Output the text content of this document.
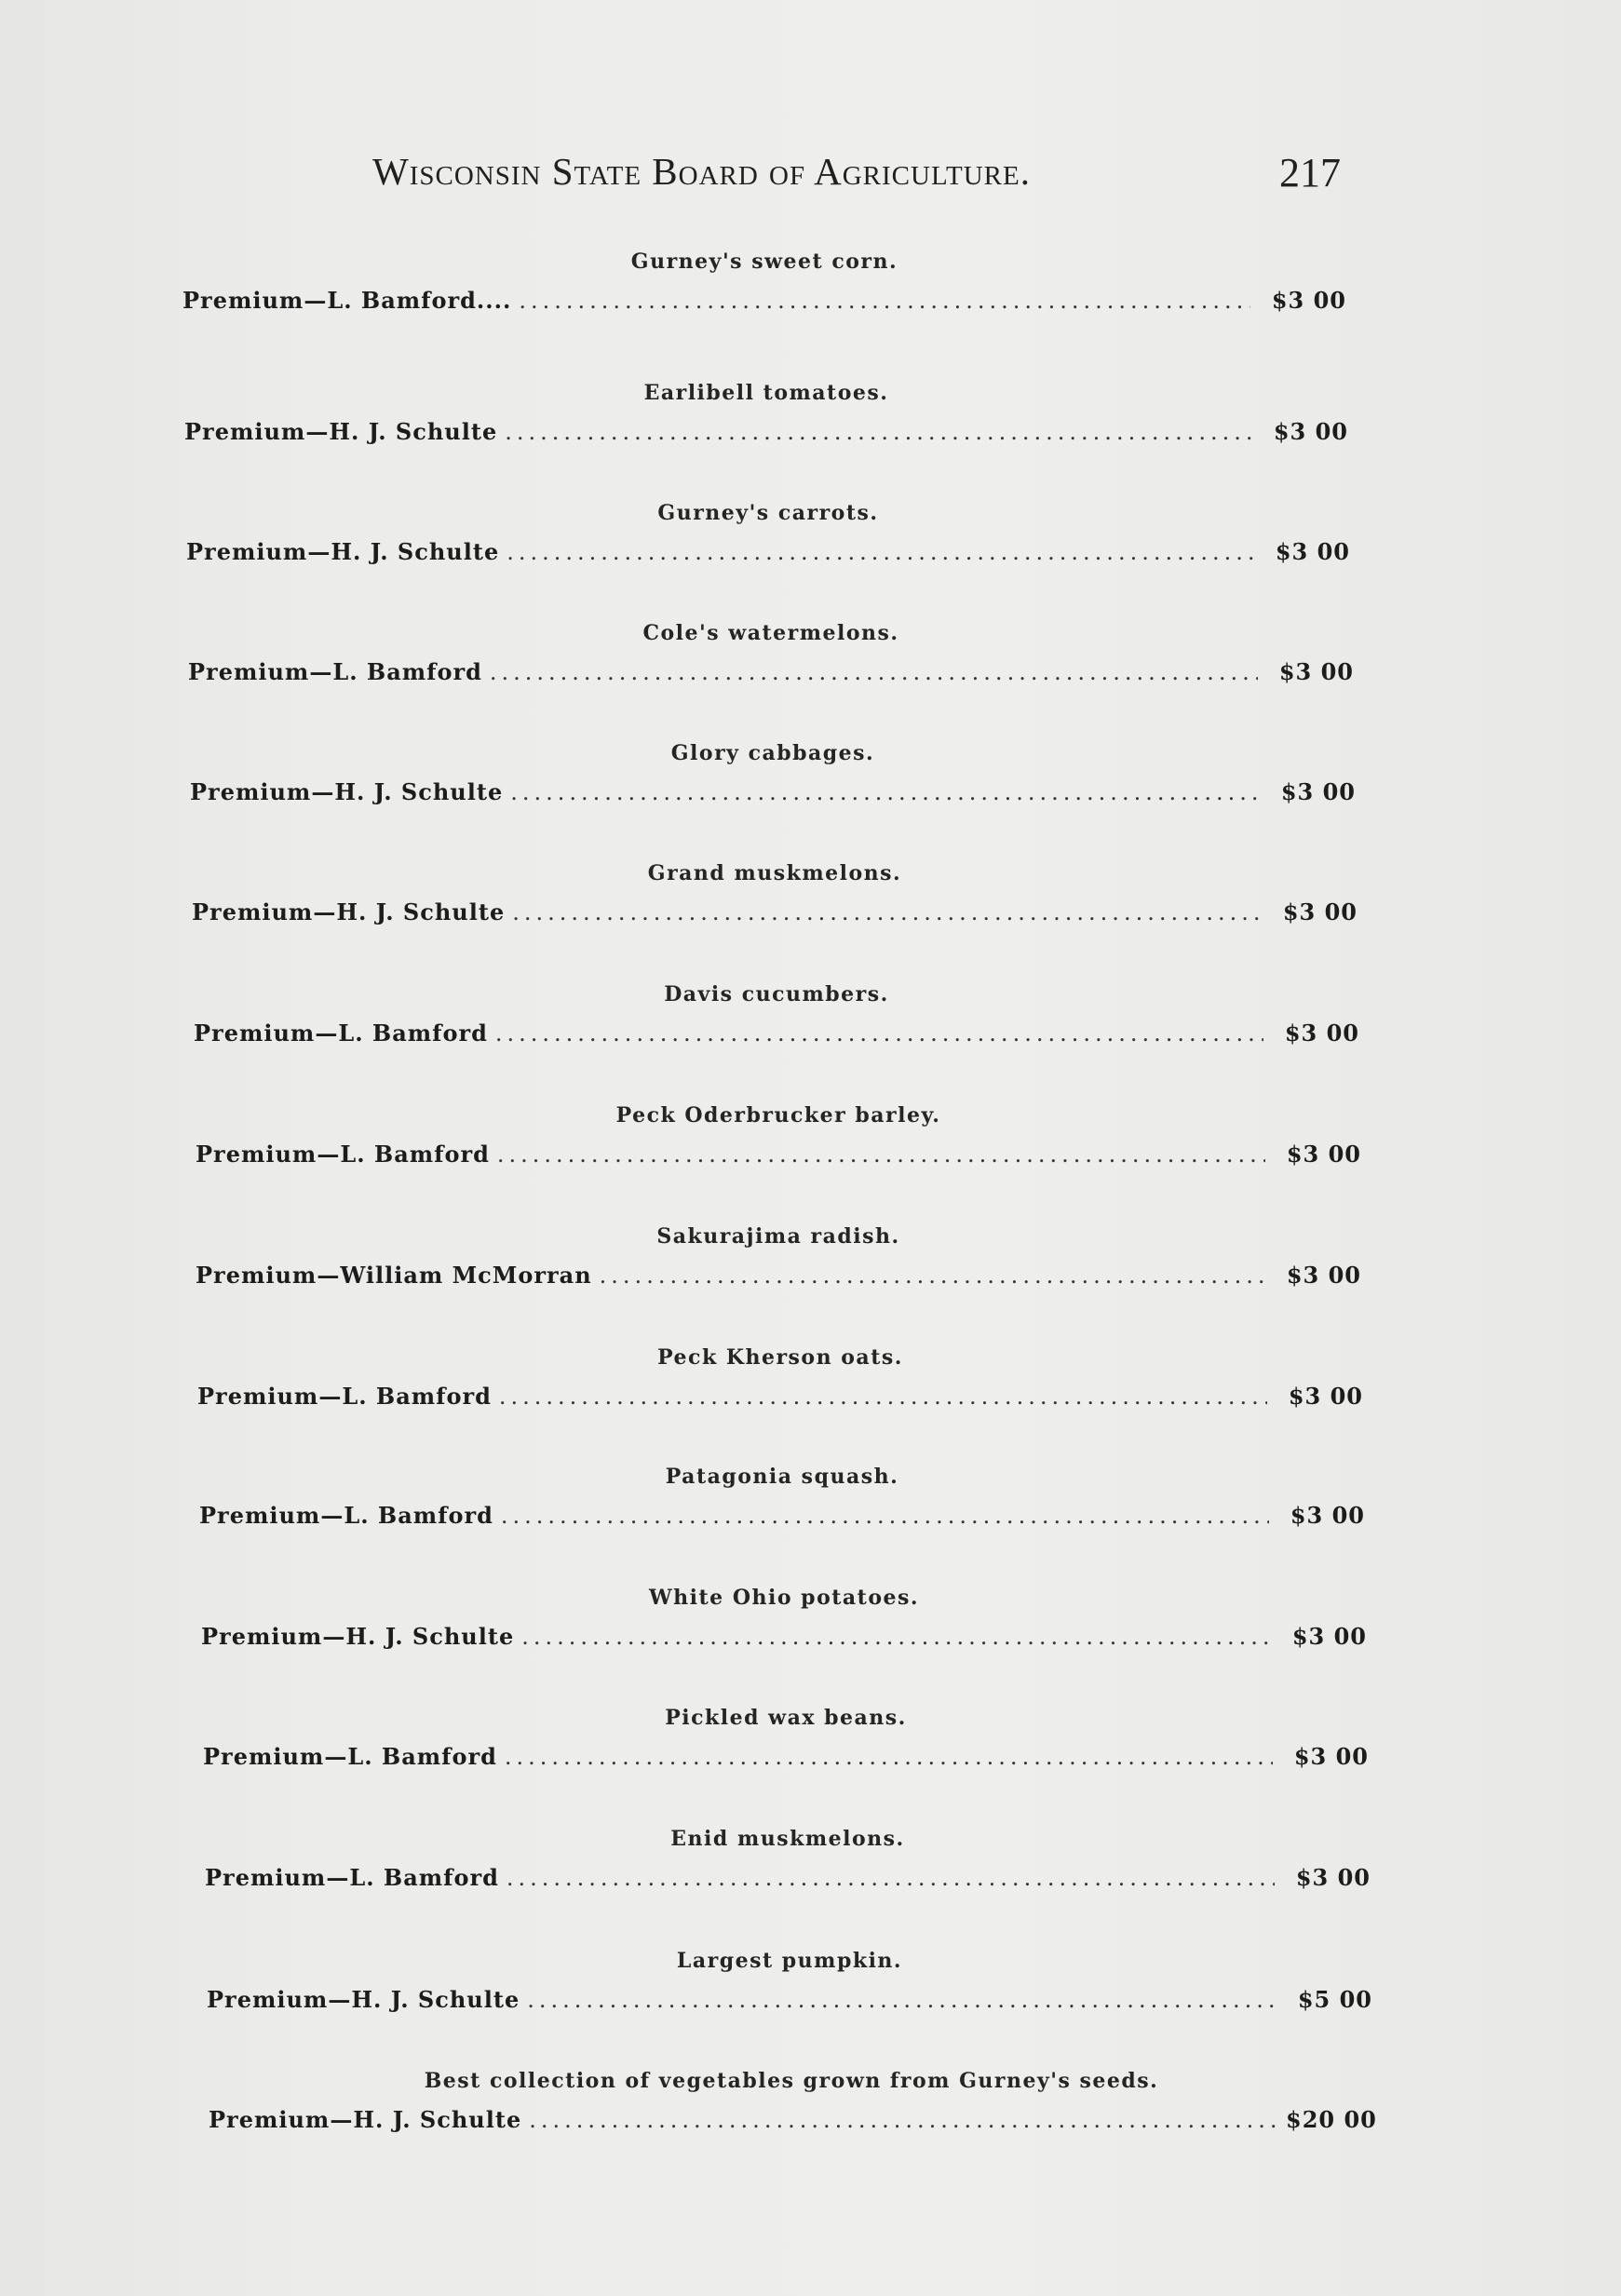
Wisconsin State Board of Agriculture.	217
Gurney's sweet corn.
Premium—L. Bamford.... .....	$3 00
Earlibell tomatoes.
Premium—H. J. Schulte .....	$3 00
Gurney's carrots.
Premium—H. J. Schulte .....	$3 00
Cole's watermelons.
Premium—L. Bamford .....	$3 00
Glory cabbages.
Premium—H. J. Schulte .....	$3 00
Grand muskmelons.
Premium—H. J. Schulte .....	$3 00
Davis cucumbers.
Premium—L. Bamford .....	$3 00
Peck Oderbrucker barley.
Premium—L. Bamford .....	$3 00
Sakurajima radish.
Premium—William McMorran .....	$3 00
Peck Kherson oats.
Premium—L. Bamford .....	$3 00
Patagonia squash.
Premium—L. Bamford .....	$3 00
White Ohio potatoes.
Premium—H. J. Schulte .....	$3 00
Pickled wax beans.
Premium—L. Bamford .....	$3 00
Enid muskmelons.
Premium—L. Bamford .....	$3 00
Largest pumpkin.
Premium—H. J. Schulte .....	$5 00
Best collection of vegetables grown from Gurney's seeds.
Premium—H. J. Schulte .....	$20 00
